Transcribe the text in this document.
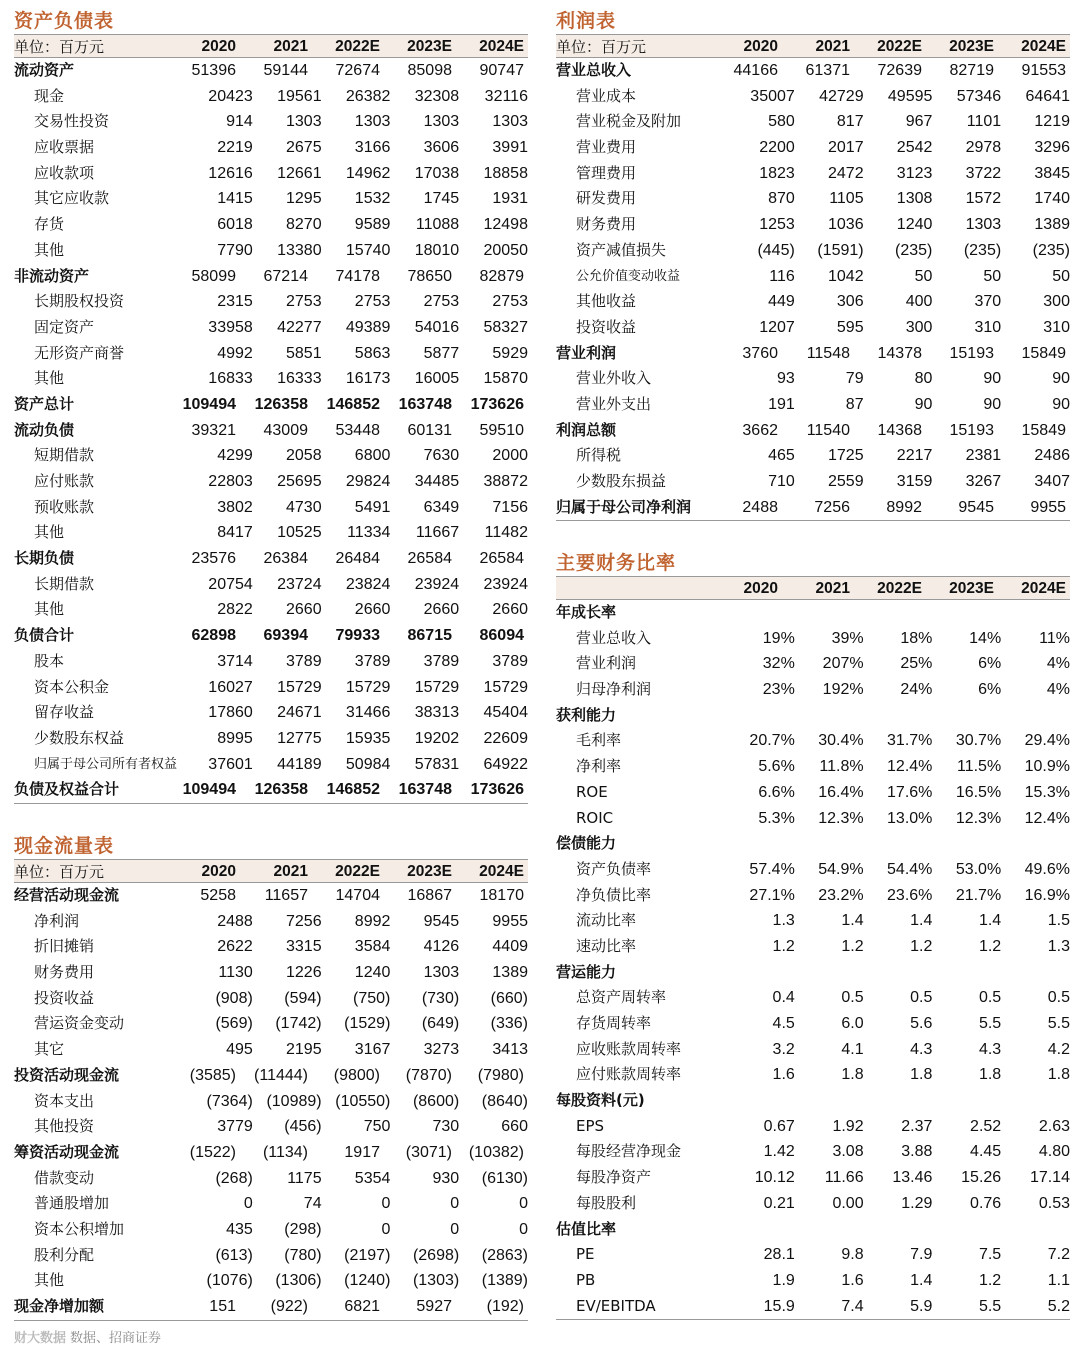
资产负债表
单位：百万元	2020	2021	2022E	2023E	2024E
流动资产	51396	59144	72674	85098	90747
现金	20423	19561	26382	32308	32116
交易性投资	914	1303	1303	1303	1303
应收票据	2219	2675	3166	3606	3991
应收款项	12616	12661	14962	17038	18858
其它应收款	1415	1295	1532	1745	1931
存货	6018	8270	9589	11088	12498
其他	7790	13380	15740	18010	20050
非流动资产	58099	67214	74178	78650	82879
长期股权投资	2315	2753	2753	2753	2753
固定资产	33958	42277	49389	54016	58327
无形资产商誉	4992	5851	5863	5877	5929
其他	16833	16333	16173	16005	15870
资产总计	109494	126358	146852	163748	173626
流动负债	39321	43009	53448	60131	59510
短期借款	4299	2058	6800	7630	2000
应付账款	22803	25695	29824	34485	38872
预收账款	3802	4730	5491	6349	7156
其他	8417	10525	11334	11667	11482
长期负债	23576	26384	26484	26584	26584
长期借款	20754	23724	23824	23924	23924
其他	2822	2660	2660	2660	2660
负债合计	62898	69394	79933	86715	86094
股本	3714	3789	3789	3789	3789
资本公积金	16027	15729	15729	15729	15729
留存收益	17860	24671	31466	38313	45404
少数股东权益	8995	12775	15935	19202	22609
归属于母公司所有者权益	37601	44189	50984	57831	64922
负债及权益合计	109494	126358	146852	163748	173626
现金流量表
单位：百万元	2020	2021	2022E	2023E	2024E
经营活动现金流	5258	11657	14704	16867	18170
净利润	2488	7256	8992	9545	9955
折旧摊销	2622	3315	3584	4126	4409
财务费用	1130	1226	1240	1303	1389
投资收益	(908)	(594)	(750)	(730)	(660)
营运资金变动	(569)	(1742)	(1529)	(649)	(336)
其它	495	2195	3167	3273	3413
投资活动现金流	(3585)	(11444)	(9800)	(7870)	(7980)
资本支出	(7364) (10989) (10550)	(8600)	(8640)
其他投资	3779	(456)	750	730	660
筹资活动现金流	(1522)	(1134)	1917	(3071)	(10382)
借款变动	(268)	1175	5354	930	(6130)
普通股增加	0	74	0	0	0
资本公积增加	435	(298)	0	0	0
股利分配	(613)	(780)	(2197)	(2698)	(2863)
其他	(1076)	(1306)	(1240)	(1303)	(1389)
现金净增加额	151	(922)	6821	5927	(192)
利润表
单位：百万元	2020	2021	2022E	2023E	2024E
营业总收入	44166	61371	72639	82719	91553
营业成本	35007	42729	49595	57346	64641
营业税金及附加	580	817	967	1101	1219
营业费用	2200	2017	2542	2978	3296
管理费用	1823	2472	3123	3722	3845
研发费用	870	1105	1308	1572	1740
财务费用	1253	1036	1240	1303	1389
资产减值损失	(445)	(1591)	(235)	(235)	(235)
公允价值变动收益	116	1042	50	50	50
其他收益	449	306	400	370	300
投资收益	1207	595	300	310	310
营业利润	3760	11548	14378	15193	15849
营业外收入	93	79	80	90	90
营业外支出	191	87	90	90	90
利润总额	3662	11540	14368	15193	15849
所得税	465	1725	2217	2381	2486
少数股东损益	710	2559	3159	3267	3407
归属于母公司净利润	2488	7256	8992	9545	9955
主要财务比率
2020	2021	2022E	2023E	2024E
年成长率
营业总收入	19%	39%	18%	14%	11%
营业利润	32%	207%	25%	6%	4%
归母净利润	23%	192%	24%	6%	4%
获利能力
毛利率	20.7%	30.4%	31.7%	30.7%	29.4%
净利率	5.6%	11.8%	12.4%	11.5%	10.9%
ROE	6.6%	16.4%	17.6%	16.5%	15.3%
ROIC	5.3%	12.3%	13.0%	12.3%	12.4%
偿债能力
资产负债率	57.4%	54.9%	54.4%	53.0%	49.6%
净负债比率	27.1%	23.2%	23.6%	21.7%	16.9%
流动比率	1.3	1.4	1.4	1.4	1.5
速动比率	1.2	1.2	1.2	1.2	1.3
营运能力
总资产周转率	0.4	0.5	0.5	0.5	0.5
存货周转率	4.5	6.0	5.6	5.5	5.5
应收账款周转率	3.2	4.1	4.3	4.3	4.2
应付账款周转率	1.6	1.8	1.8	1.8	1.8
每股资料(元)
EPS	0.67	1.92	2.37	2.52	2.63
每股经营净现金	1.42	3.08	3.88	4.45	4.80
每股净资产	10.12	11.66	13.46	15.26	17.14
每股股利	0.21	0.00	1.29	0.76	0.53
估值比率
PE	28.1	9.8	7.9	7.5	7.2
PB	1.9	1.6	1.4	1.2	1.1
EV/EBITDA	15.9	7.4	5.9	5.5	5.2
财大数据 数据、招商证券
